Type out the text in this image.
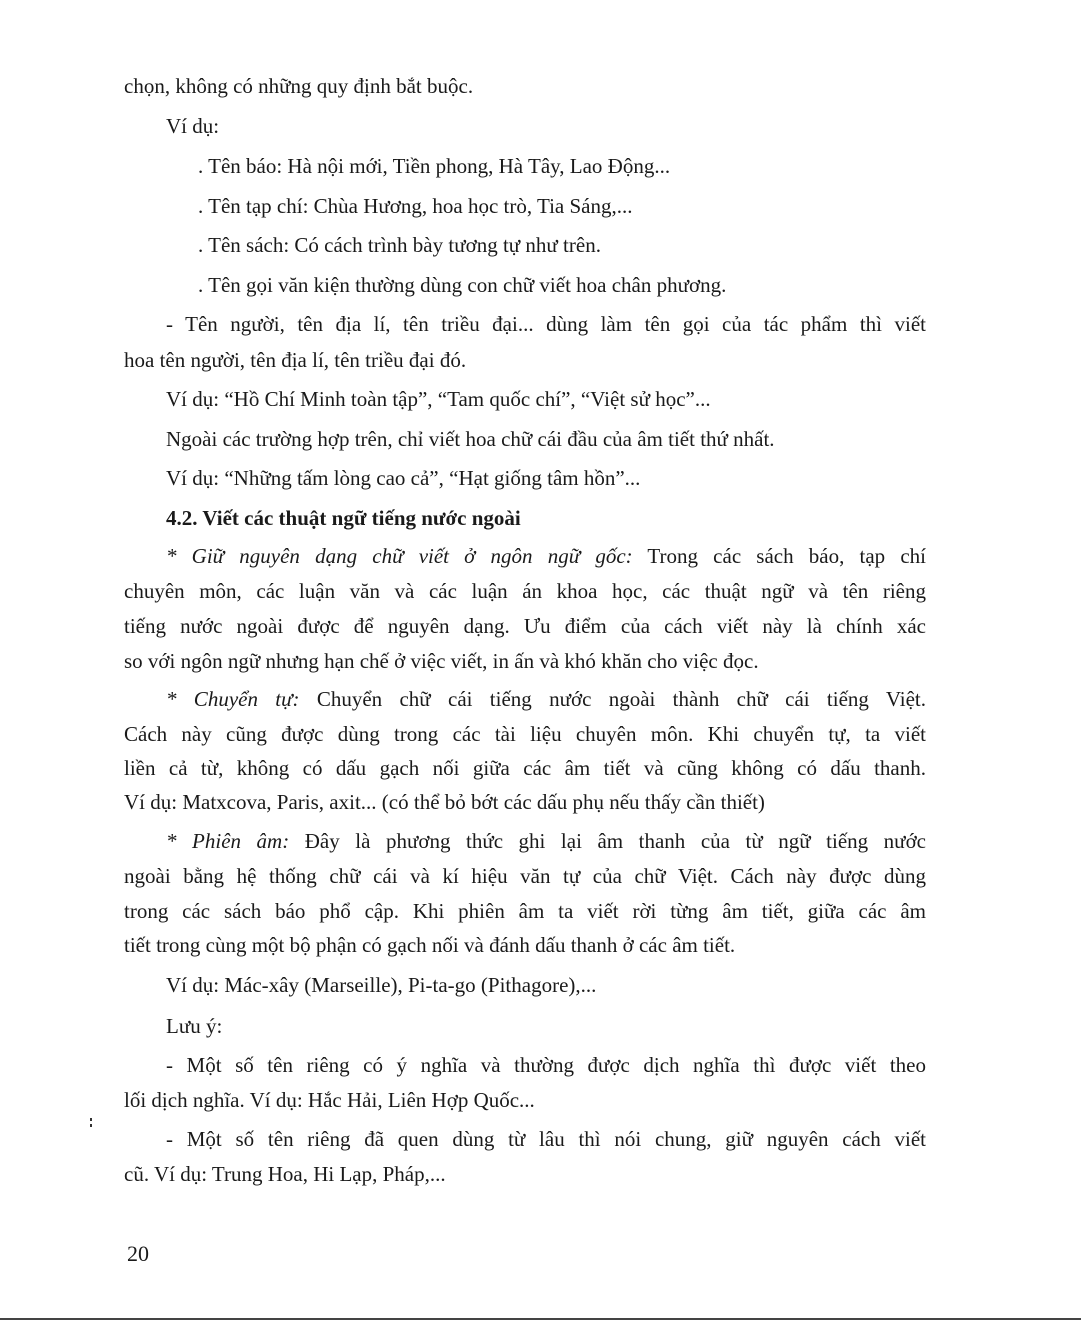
chọn, không có những quy định bắt buộc.
Ví dụ:
. Tên báo: Hà nội mới, Tiền phong, Hà Tây, Lao Động...
. Tên tạp chí: Chùa Hương, hoa học trò, Tia Sáng,...
. Tên sách: Có cách trình bày tương tự như trên.
. Tên gọi văn kiện thường dùng con chữ viết hoa chân phương.
- Tên người, tên địa lí, tên triều đại... dùng làm tên gọi của tác phẩm thì viết
hoa tên người, tên địa lí, tên triều đại đó.
Ví dụ: “Hồ Chí Minh toàn tập”, “Tam quốc chí”, “Việt sử học”...
Ngoài các trường hợp trên, chỉ viết hoa chữ cái đầu của âm tiết thứ nhất.
Ví dụ: “Những tấm lòng cao cả”, “Hạt giống tâm hồn”...
4.2. Viết các thuật ngữ tiếng nước ngoài
* Giữ nguyên dạng chữ viết ở ngôn ngữ gốc: Trong các sách báo, tạp chí
chuyên môn, các luận văn và các luận án khoa học, các thuật ngữ và tên riêng
tiếng nước ngoài được để nguyên dạng. Ưu điểm của cách viết này là chính xác
so với ngôn ngữ nhưng hạn chế ở việc viết, in ấn và khó khăn cho việc đọc.
* Chuyển tự: Chuyển chữ cái tiếng nước ngoài thành chữ cái tiếng Việt.
Cách này cũng được dùng trong các tài liệu chuyên môn. Khi chuyển tự, ta viết
liền cả từ, không có dấu gạch nối giữa các âm tiết và cũng không có dấu thanh.
Ví dụ: Matxcova, Paris, axit... (có thể bỏ bớt các dấu phụ nếu thấy cần thiết)
* Phiên âm: Đây là phương thức ghi lại âm thanh của từ ngữ tiếng nước
ngoài bằng hệ thống chữ cái và kí hiệu văn tự của chữ Việt. Cách này được dùng
trong các sách báo phổ cập. Khi phiên âm ta viết rời từng âm tiết, giữa các âm
tiết trong cùng một bộ phận có gạch nối và đánh dấu thanh ở các âm tiết.
Ví dụ: Mác-xây (Marseille), Pi-ta-go (Pithagore),...
Lưu ý:
- Một số tên riêng có ý nghĩa và thường được dịch nghĩa thì được viết theo
lối dịch nghĩa. Ví dụ: Hắc Hải, Liên Hợp Quốc...
- Một số tên riêng đã quen dùng từ lâu thì nói chung, giữ nguyên cách viết
cũ. Ví dụ: Trung Hoa, Hi Lạp, Pháp,...
20
